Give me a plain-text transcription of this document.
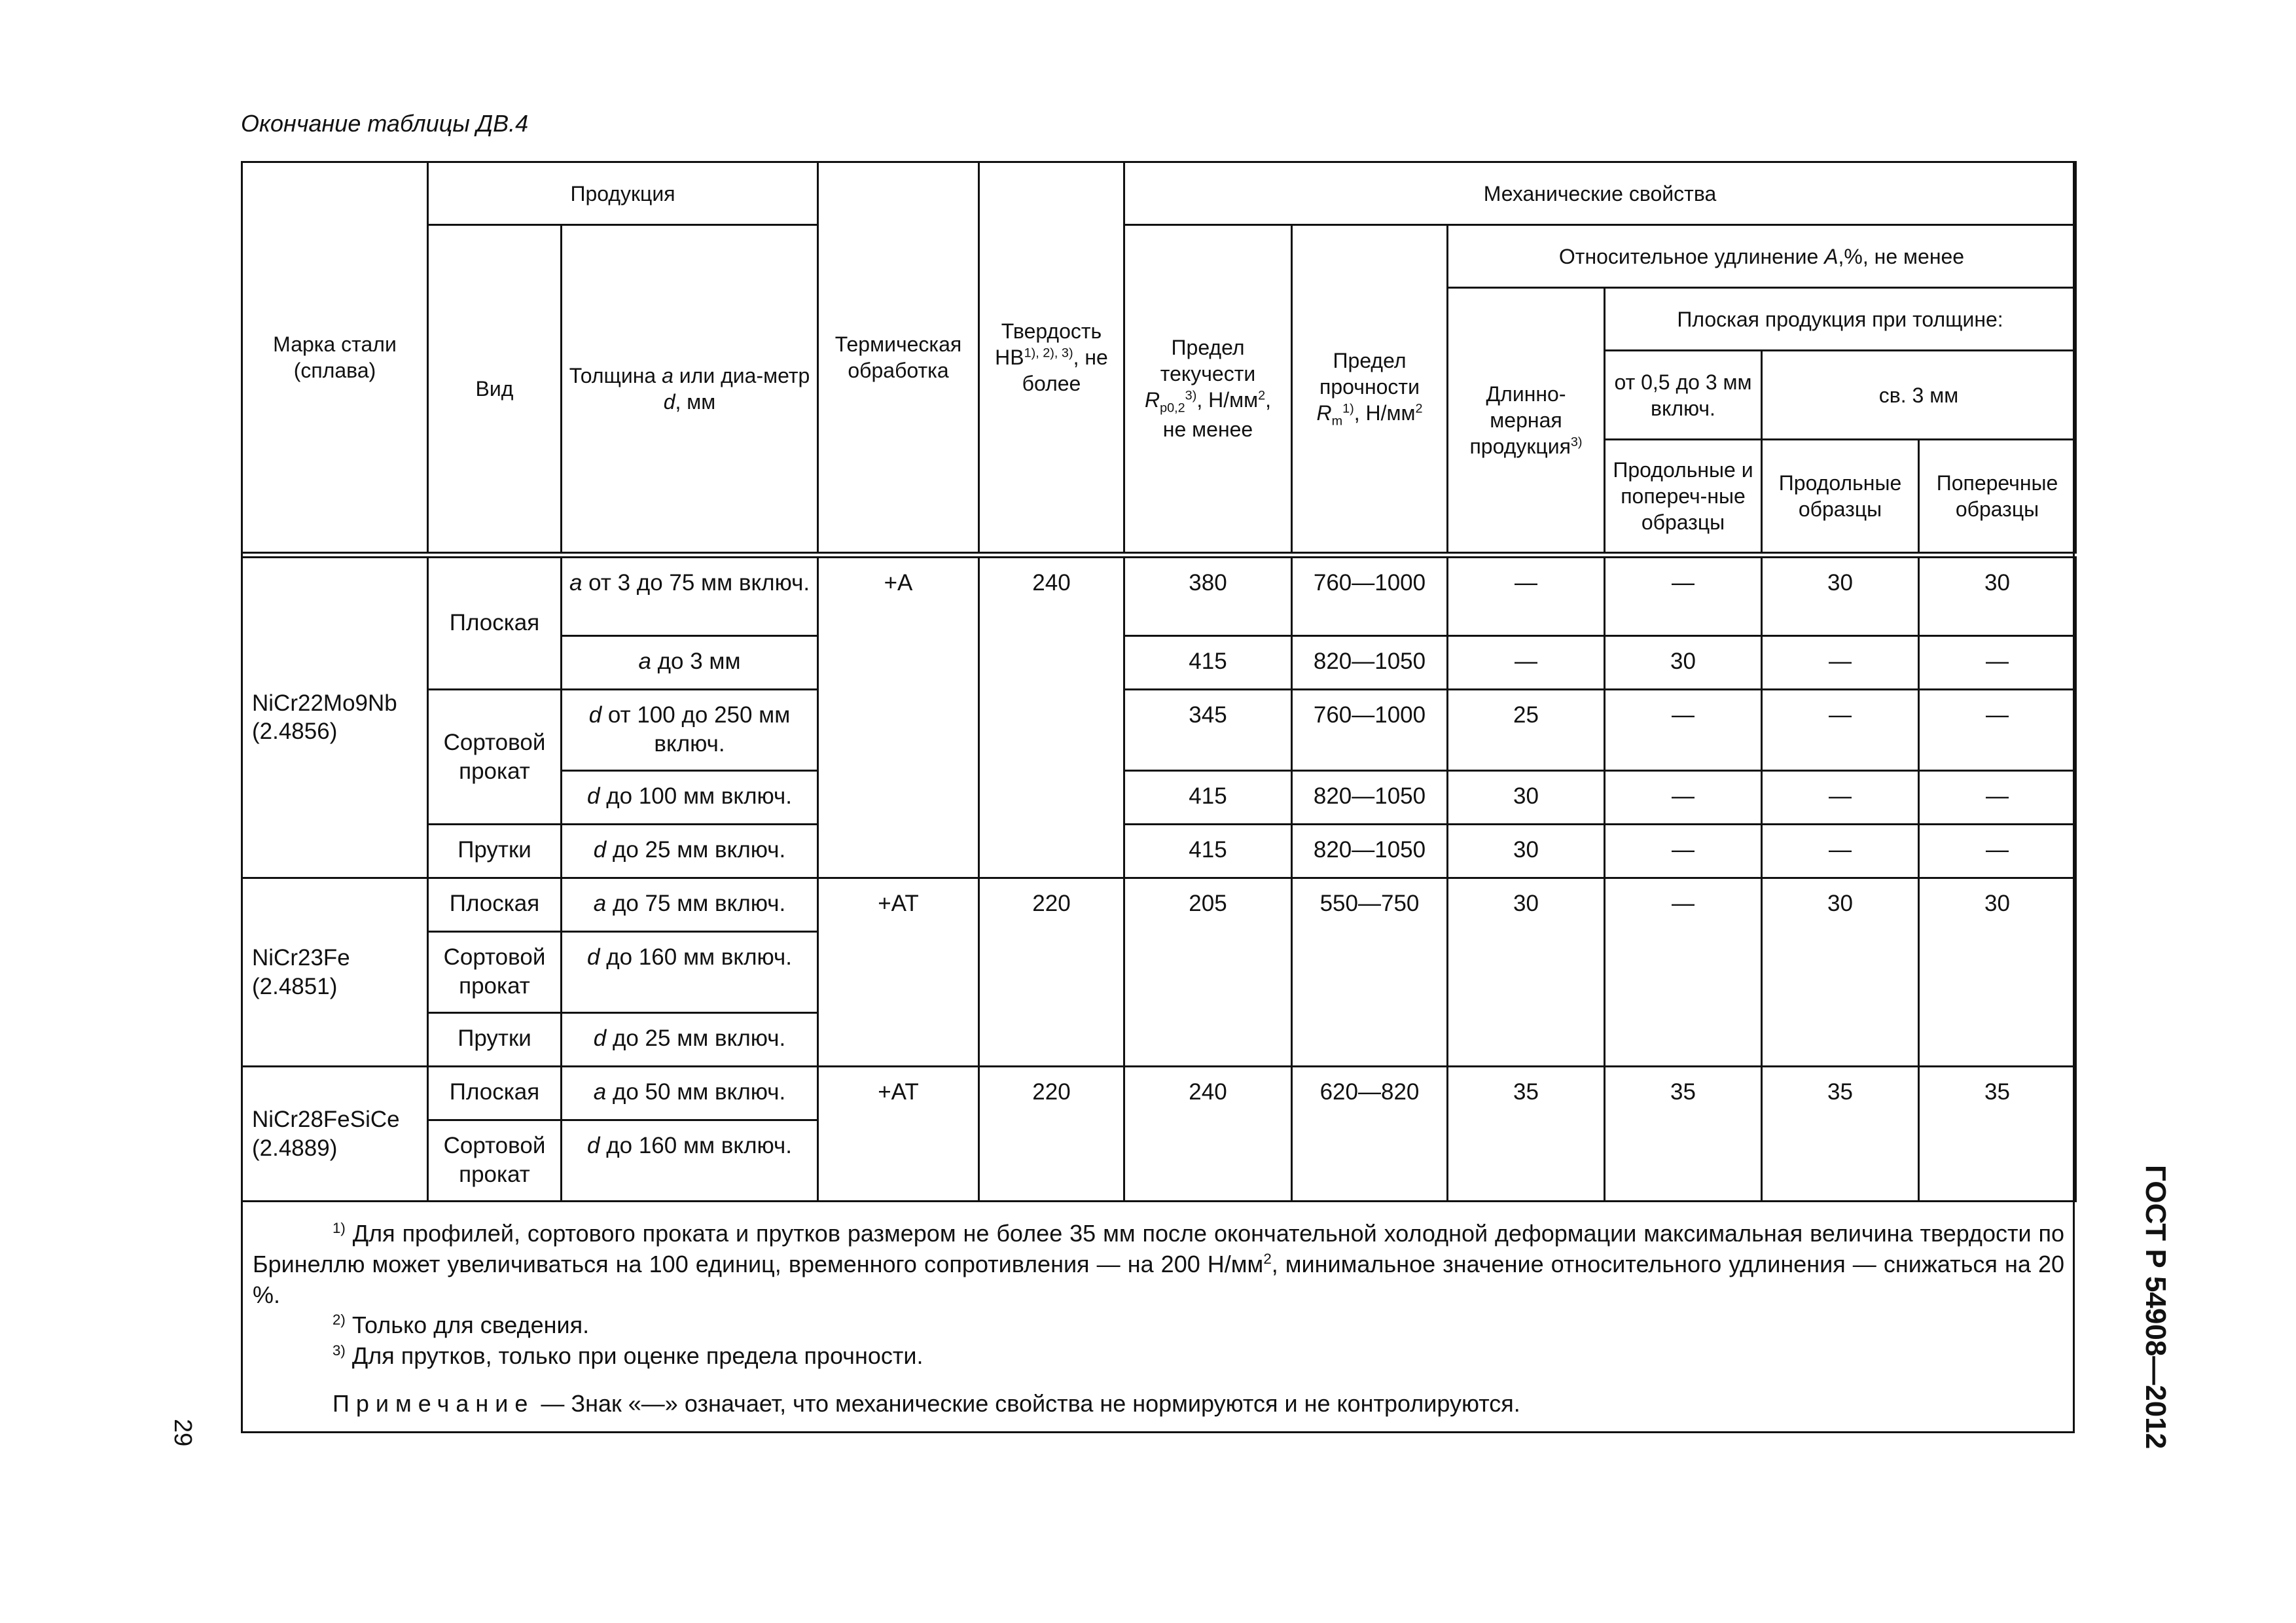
Окончание таблицы ДВ.4
Марка стали (сплава)	Продукция		Термическая обработка	Твердость $НВ^{1), 2), 3)}$, не более	Механические свойства					
	Вид	Толщина a или диа-метр d, мм			Предел текучести $R_{p0,2}^{3)}$, $Н/мм^2$, не менее	Предел прочности $R_m^{1)}$, $Н/мм^2$	Относительное удлинение A,%, не менее			
							Длинно-мерная продукция$^{3)}$	Плоская продукция при толщине:		
								от 0,5 до 3 мм включ.	св. 3 мм	
								Продольные и попереч-ные образцы	Продольные образцы	Поперечные образцы
NiCr22Mo9Nb
(2.4856)	Плоская	a от 3 до 75 мм включ.	+A	240	380	760—1000	—	—	30	30
		a до 3 мм			415	820—1050	—	30	—	—
	Сортовой прокат	d от 100 до 250 мм включ.			345	760—1000	25	—	—	—
		d до 100 мм включ.			415	820—1050	30	—	—	—
	Прутки	d до 25 мм включ.			415	820—1050	30	—	—	—
NiCr23Fe
(2.4851)	Плоская	a до 75 мм включ.	+AT	220	205	550—750	30	—	30	30
	Сортовой прокат	d до 160 мм включ.								
	Прутки	d до 25 мм включ.								
NiCr28FeSiCe
(2.4889)	Плоская	a до 50 мм включ.	+AT	220	240	620—820	35	35	35	35
	Сортовой прокат	d до 160 мм включ.								

$^{1)}$ Для профилей, сортового проката и прутков размером не более 35 мм после окончательной холодной деформации максимальная величина твердости по Бринеллю может увеличиваться на 100 единиц, временного сопротивления — на 200 $Н/мм^2$, минимальное значение относительного удлинения — снижаться на 20 %.

$^{2)}$ Только для сведения.

$^{3)}$ Для прутков, только при оценке предела прочности.

Примечание — Знак «—» означает, что механические свойства не нормируются и не контролируются.

29	ГОСТ Р 54908—2012
